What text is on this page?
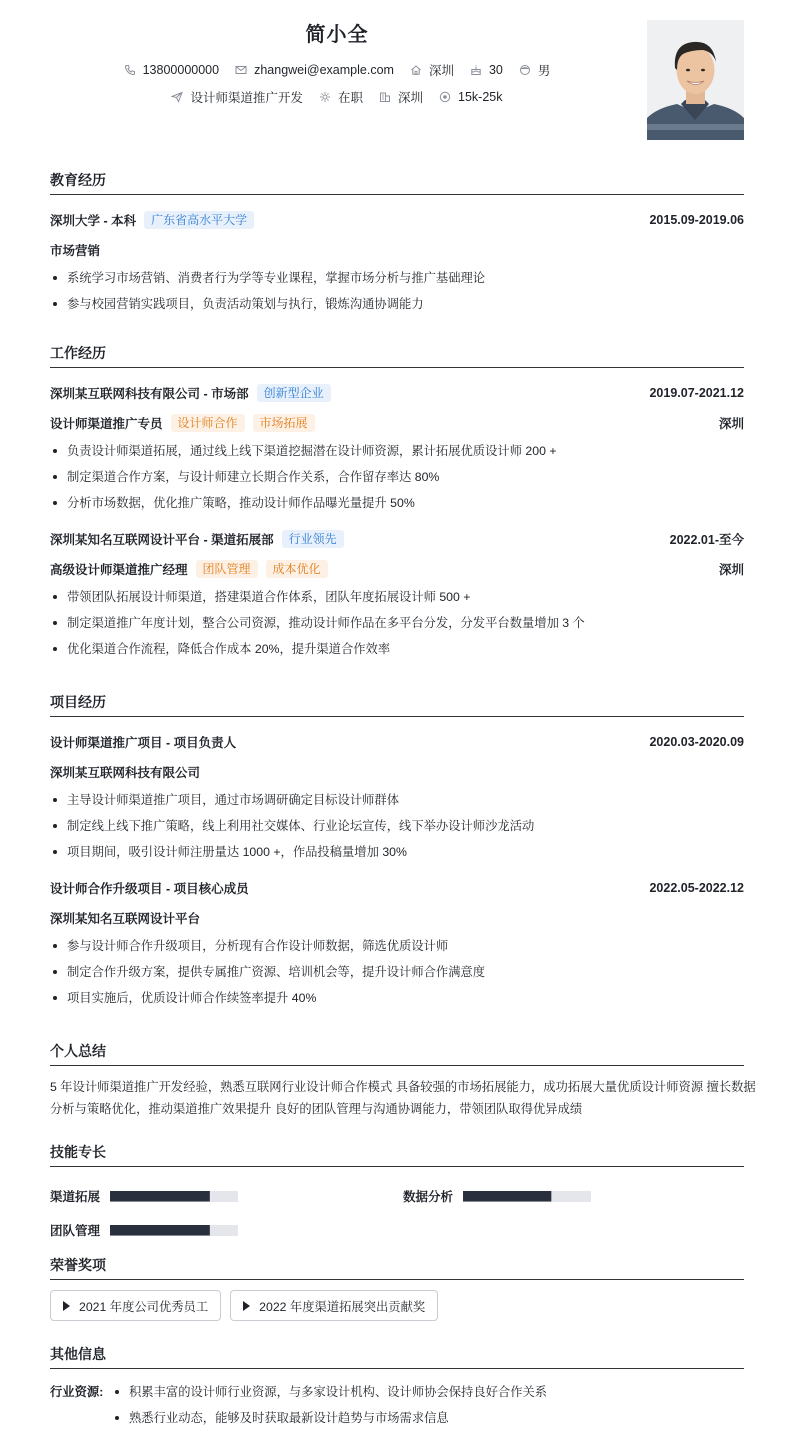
简小全
13800000000	zhangwei@example.com	深圳	30	男
设计师渠道推广开发	在职	深圳	15k-25k
教育经历
深圳大学 - 本科	广东省高水平大学	2015.09-2019.06
市场营销
系统学习市场营销、消费者行为学等专业课程，掌握市场分析与推广基础理论
参与校园营销实践项目，负责活动策划与执行，锻炼沟通协调能力
工作经历
深圳某互联网科技有限公司 - 市场部	创新型企业	2019.07-2021.12
设计师渠道推广专员	设计师合作	市场拓展	深圳
负责设计师渠道拓展，通过线上线下渠道挖掘潜在设计师资源，累计拓展优质设计师 200 +
制定渠道合作方案，与设计师建立长期合作关系，合作留存率达 80%
分析市场数据，优化推广策略，推动设计师作品曝光量提升 50%
深圳某知名互联网设计平台 - 渠道拓展部	行业领先	2022.01-至今
高级设计师渠道推广经理	团队管理	成本优化	深圳
带领团队拓展设计师渠道，搭建渠道合作体系，团队年度拓展设计师 500 +
制定渠道推广年度计划，整合公司资源，推动设计师作品在多平台分发，分发平台数量增加 3 个
优化渠道合作流程，降低合作成本 20%，提升渠道合作效率
项目经历
设计师渠道推广项目 - 项目负责人	2020.03-2020.09
深圳某互联网科技有限公司
主导设计师渠道推广项目，通过市场调研确定目标设计师群体
制定线上线下推广策略，线上利用社交媒体、行业论坛宣传，线下举办设计师沙龙活动
项目期间，吸引设计师注册量达 1000 +，作品投稿量增加 30%
设计师合作升级项目 - 项目核心成员	2022.05-2022.12
深圳某知名互联网设计平台
参与设计师合作升级项目，分析现有合作设计师数据，筛选优质设计师
制定合作升级方案，提供专属推广资源、培训机会等，提升设计师合作满意度
项目实施后，优质设计师合作续签率提升 40%
个人总结
5 年设计师渠道推广开发经验，熟悉互联网行业设计师合作模式 具备较强的市场拓展能力，成功拓展大量优质设计师资源 擅长数据
分析与策略优化，推动渠道推广效果提升 良好的团队管理与沟通协调能力，带领团队取得优异成绩
技能专长
渠道拓展	数据分析
团队管理
荣誉奖项
2021 年度公司优秀员工	2022 年度渠道拓展突出贡献奖
其他信息
行业资源:	积累丰富的设计师行业资源，与多家设计机构、设计师协会保持良好合作关系
熟悉行业动态，能够及时获取最新设计趋势与市场需求信息
